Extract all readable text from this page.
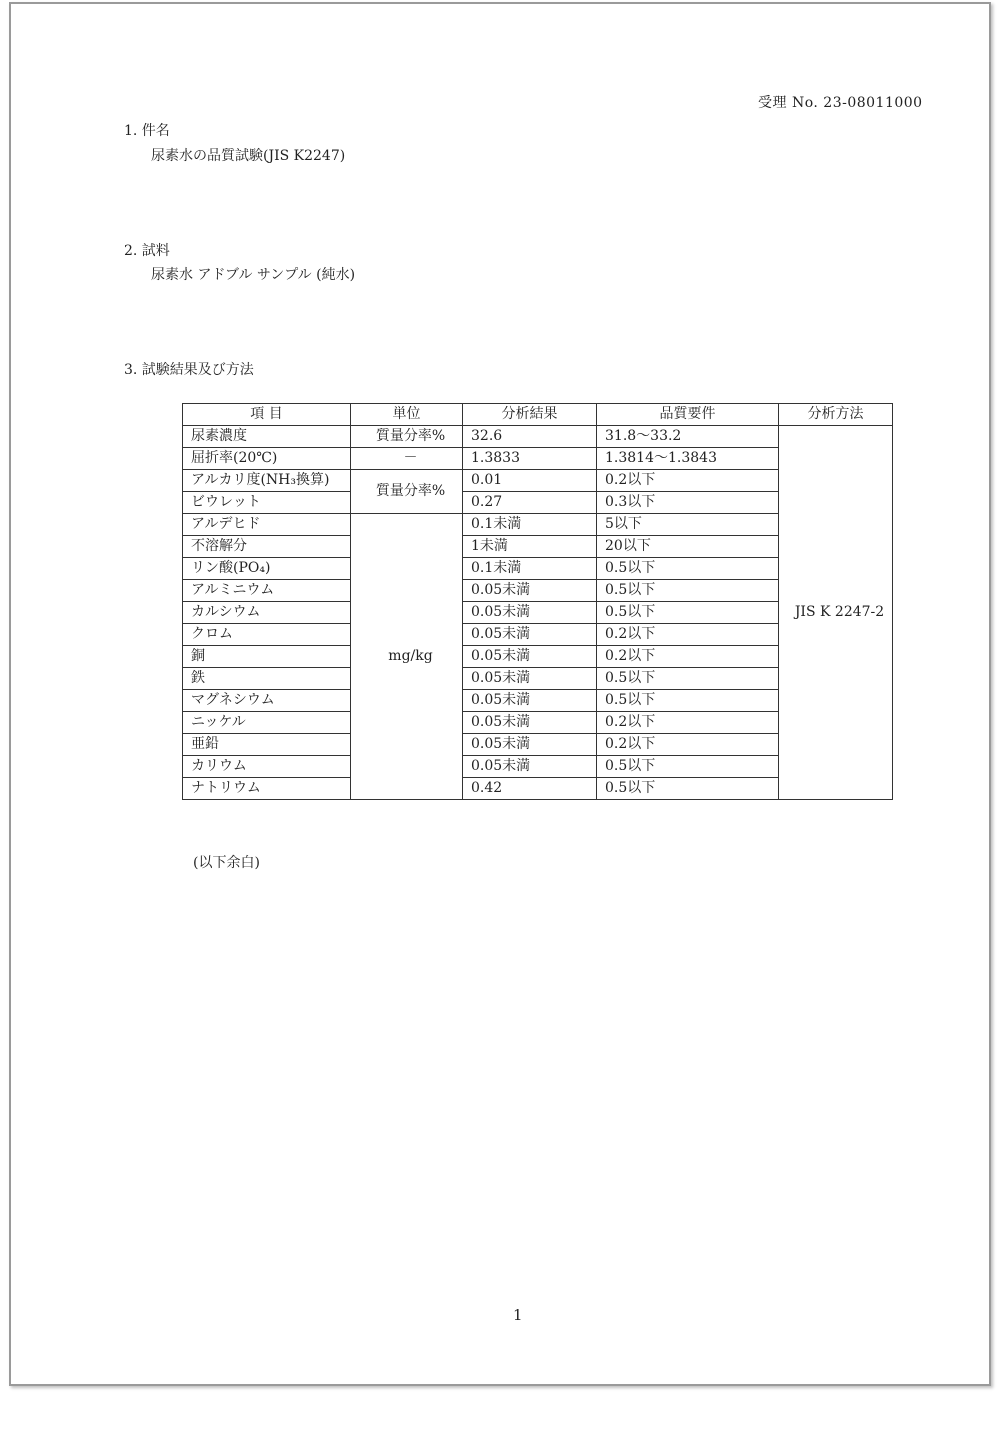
受理 No. 23-08011000
1. 件名
尿素水の品質試験(JIS K2247)
2. 試料
尿素水 アドブル サンプル (純水)
3. 試験結果及び方法
項 目	単位	分析結果	品質要件	分析方法
尿素濃度	質量分率%	32.6	31.8～33.2	JIS K 2247-2
屈折率(20℃)	－	1.3833	1.3814～1.3843	
アルカリ度(NH₃換算)	質量分率%	0.01	0.2以下	
ビウレット		0.27	0.3以下	
アルデヒド	mg/kg	0.1未満	5以下	
不溶解分		1未満	20以下	
リン酸(PO₄)		0.1未満	0.5以下	
アルミニウム		0.05未満	0.5以下	
カルシウム		0.05未満	0.5以下	
クロム		0.05未満	0.2以下	
銅		0.05未満	0.2以下	
鉄		0.05未満	0.5以下	
マグネシウム		0.05未満	0.5以下	
ニッケル		0.05未満	0.2以下	
亜鉛		0.05未満	0.2以下	
カリウム		0.05未満	0.5以下	
ナトリウム		0.42	0.5以下	
(以下余白)
1
